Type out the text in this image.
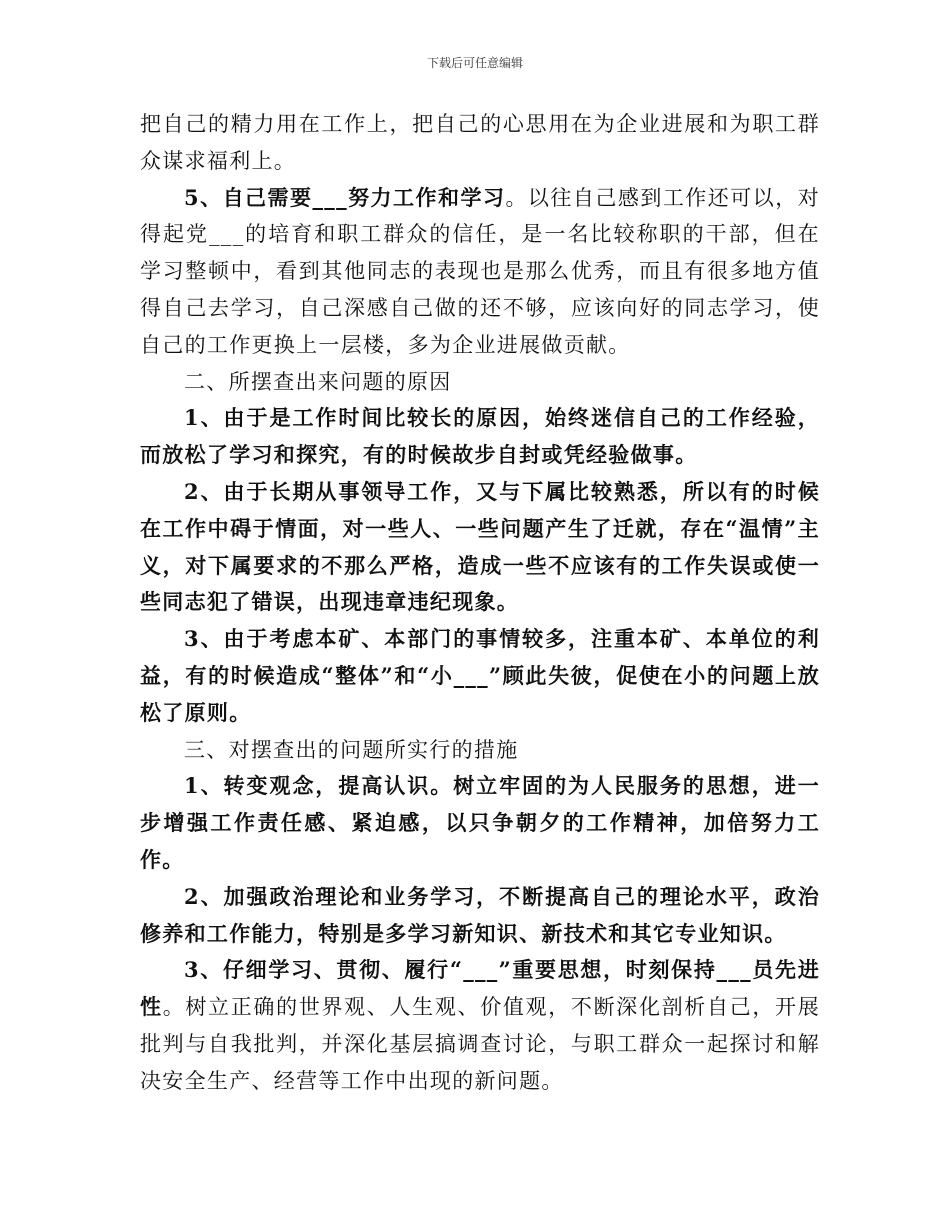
下载后可任意编辑

把自己的精力用在工作上，把自己的心思用在为企业进展和为职工群众谋求福利上。

5、自己需要___努力工作和学习。以往自己感到工作还可以，对得起党___的培育和职工群众的信任，是一名比较称职的干部，但在学习整顿中，看到其他同志的表现也是那么优秀，而且有很多地方值得自己去学习，自己深感自己做的还不够，应该向好的同志学习，使自己的工作更换上一层楼，多为企业进展做贡献。

二、所摆查出来问题的原因

1、由于是工作时间比较长的原因，始终迷信自己的工作经验，而放松了学习和探究，有的时候故步自封或凭经验做事。

2、由于长期从事领导工作，又与下属比较熟悉，所以有的时候在工作中碍于情面，对一些人、一些问题产生了迁就，存在“温情”主义，对下属要求的不那么严格，造成一些不应该有的工作失误或使一些同志犯了错误，出现违章违纪现象。

3、由于考虑本矿、本部门的事情较多，注重本矿、本单位的利益，有的时候造成“整体”和“小___”顾此失彼，促使在小的问题上放松了原则。

三、对摆查出的问题所实行的措施

1、转变观念，提高认识。树立牢固的为人民服务的思想，进一步增强工作责任感、紧迫感，以只争朝夕的工作精神，加倍努力工作。

2、加强政治理论和业务学习，不断提高自己的理论水平，政治修养和工作能力，特别是多学习新知识、新技术和其它专业知识。

3、仔细学习、贯彻、履行“___”重要思想，时刻保持___员先进性。树立正确的世界观、人生观、价值观，不断深化剖析自己，开展批判与自我批判，并深化基层搞调查讨论，与职工群众一起探讨和解决安全生产、经营等工作中出现的新问题。
